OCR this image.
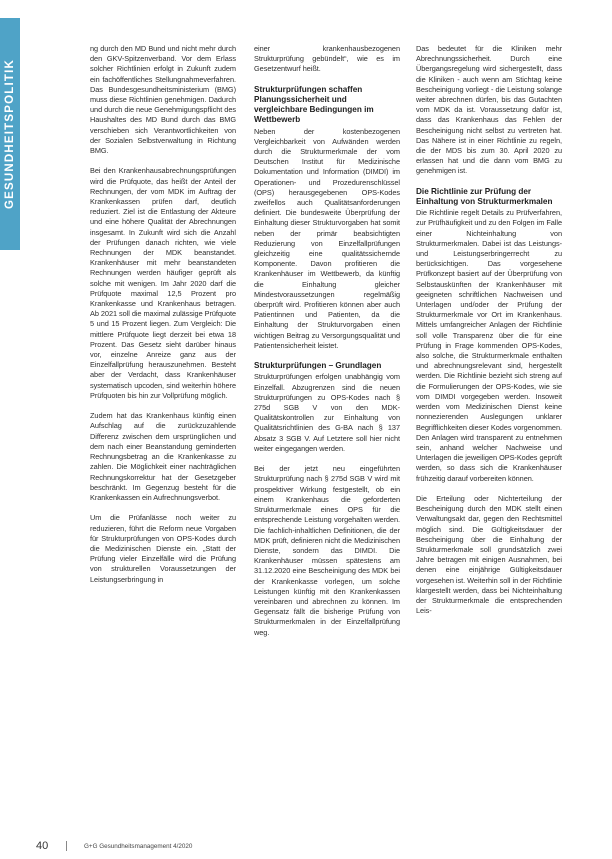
GESUNDHEITSPOLITIK

ng durch den MD Bund und nicht mehr durch den GKV-Spitzenverband. Vor dem Erlass solcher Richtlinien erfolgt in Zukunft zudem ein fachöffentliches Stellungnahmeverfahren. Das Bundesgesundheitsministerium (BMG) muss diese Richtlinien genehmigen. Dadurch und durch die neue Genehmigungspflicht des Haushaltes des MD Bund durch das BMG verschieben sich Verantwortlichkeiten von der Sozialen Selbstverwaltung in Richtung BMG.

Bei den Krankenhausabrechnungsprüfungen wird die Prüfquote, das heißt der Anteil der Rechnungen, der vom MDK im Auftrag der Krankenkassen prüfen darf, deutlich reduziert. Ziel ist die Entlastung der Akteure und eine höhere Qualität der Abrechnungen insgesamt. In Zukunft wird sich die Anzahl der Prüfungen danach richten, wie viele Rechnungen der MDK beanstandet. Krankenhäuser mit mehr beanstandeten Rechnungen werden häufiger geprüft als solche mit wenigen. Im Jahr 2020 darf die Prüfquote maximal 12,5 Prozent pro Krankenkasse und Krankenhaus betragen. Ab 2021 soll die maximal zulässige Prüfquote 5 und 15 Prozent liegen. Zum Vergleich: Die mittlere Prüfquote liegt derzeit bei etwa 18 Prozent. Das Gesetz sieht darüber hinaus vor, einzelne Anreize ganz aus der Einzelfallprüfung herauszunehmen. Besteht aber der Verdacht, dass Krankenhäuser systematisch upcoden, sind weiterhin höhere Prüfquoten bis hin zur Vollprüfung möglich.

Zudem hat das Krankenhaus künftig einen Aufschlag auf die zurückzuzahlende Differenz zwischen dem ursprünglichen und dem nach einer Beanstandung geminderten Rechnungsbetrag an die Krankenkasse zu zahlen. Die Möglichkeit einer nachträglichen Rechnungskorrektur hat der Gesetzgeber beschränkt. Im Gegenzug besteht für die Krankenkassen ein Aufrechnungsverbot.

Um die Prüfanlässe noch weiter zu reduzieren, führt die Reform neue Vorgaben für Strukturprüfungen von OPS-Kodes durch die Medizinischen Dienste ein. „Statt der Prüfung vieler Einzelfälle wird die Prüfung von strukturellen Voraussetzungen der Leistungserbringung in

einer krankenhausbezogenen Strukturprüfung gebündelt“, wie es im Gesetzentwurf heißt.

Strukturprüfungen schaffen Planungssicherheit und vergleichbare Bedingungen im Wettbewerb

Neben der kostenbezogenen Vergleichbarkeit von Aufwänden werden durch die Strukturmerkmale der vom Deutschen Institut für Medizinische Dokumentation und Information (DIMDI) im Operationen- und Prozedurenschlüssel (OPS) herausgegebenen OPS-Kodes zweifellos auch Qualitätsanforderungen definiert. Die bundesweite Überprüfung der Einhaltung dieser Strukturvorgaben hat somit neben der primär beabsichtigten Reduzierung von Einzelfallprüfungen gleichzeitig eine qualitätssichernde Komponente. Davon profitieren die Krankenhäuser im Wettbewerb, da künftig die Einhaltung gleicher Mindestvoraussetzungen regelmäßig überprüft wird. Profitieren können aber auch Patientinnen und Patienten, da die Einhaltung der Strukturvorgaben einen wichtigen Beitrag zu Versorgungsqualität und Patientensicherheit leistet.

Strukturprüfungen – Grundlagen

Strukturprüfungen erfolgen unabhängig vom Einzelfall. Abzugrenzen sind die neuen Strukturprüfungen zu OPS-Kodes nach § 275d SGB V von den MDK-Qualitätskontrollen zur Einhaltung von Qualitätsrichtlinien des G-BA nach § 137 Absatz 3 SGB V. Auf Letztere soll hier nicht weiter eingegangen werden.

Bei der jetzt neu eingeführten Strukturprüfung nach § 275d SGB V wird mit prospektiver Wirkung festgestellt, ob ein einem Krankenhaus die geforderten Strukturmerkmale eines OPS für die entsprechende Leistung vorgehalten werden. Die fachlich-inhaltlichen Definitionen, die der MDK prüft, definieren nicht die Medizinischen Dienste, sondern das DIMDI. Die Krankenhäuser müssen spätestens am 31.12.2020 eine Bescheinigung des MDK bei der Krankenkasse vorlegen, um solche Leistungen künftig mit den Krankenkassen vereinbaren und abrechnen zu können. Im Gegensatz fällt die bisherige Prüfung von Strukturmerkmalen in der Einzelfallprüfung weg.

Das bedeutet für die Kliniken mehr Abrechnungssicherheit. Durch eine Übergangsregelung wird sichergestellt, dass die Kliniken - auch wenn am Stichtag keine Bescheinigung vorliegt - die Leistung solange weiter abrechnen dürfen, bis das Gutachten vom MDK da ist. Voraussetzung dafür ist, dass das Krankenhaus das Fehlen der Bescheinigung nicht selbst zu vertreten hat. Das Nähere ist in einer Richtlinie zu regeln, die der MDS bis zum 30. April 2020 zu erlassen hat und die dann vom BMG zu genehmigen ist.

Die Richtlinie zur Prüfung der Einhaltung von Strukturmerkmalen

Die Richtlinie regelt Details zu Prüfverfahren, zur Prüfhäufigkeit und zu den Folgen im Falle einer Nichteinhaltung von Strukturmerkmalen. Dabei ist das Leistungs- und Leistungserbringerrecht zu berücksichtigen. Das vorgesehene Prüfkonzept basiert auf der Überprüfung von Selbstauskünften der Krankenhäuser mit geeigneten schriftlichen Nachweisen und Unterlagen und/oder der Prüfung der Strukturmerkmale vor Ort im Krankenhaus. Mittels umfangreicher Anlagen der Richtlinie soll volle Transparenz über die für eine Prüfung in Frage kommenden OPS-Kodes, also solche, die Strukturmerkmale enthalten und abrechnungsrelevant sind, hergestellt werden. Die Richtlinie bezieht sich streng auf die Formulierungen der OPS-Kodes, wie sie vom DIMDI vorgegeben werden. Insoweit werden vom Medizinischen Dienst keine nonnezierenden Auslegungen unklarer Begrifflichkeiten dieser Kodes vorgenommen. Den Anlagen wird transparent zu entnehmen sein, anhand welcher Nachweise und Unterlagen die jeweiligen OPS-Kodes geprüft werden, so dass sich die Krankenhäuser frühzeitig darauf vorbereiten können.

Die Erteilung oder Nichterteilung der Bescheinigung durch den MDK stellt einen Verwaltungsakt dar, gegen den Rechtsmittel möglich sind. Die Gültigkeitsdauer der Bescheinigung über die Einhaltung der Strukturmerkmale soll grundsätzlich zwei Jahre betragen mit einigen Ausnahmen, bei denen eine einjährige Gültigkeitsdauer vorgesehen ist. Weiterhin soll in der Richtlinie klargestellt werden, dass bei Nichteinhaltung der Strukturmerkmale die entsprechenden Leis-

40	G+G Gesundheitsmanagement 4/2020
